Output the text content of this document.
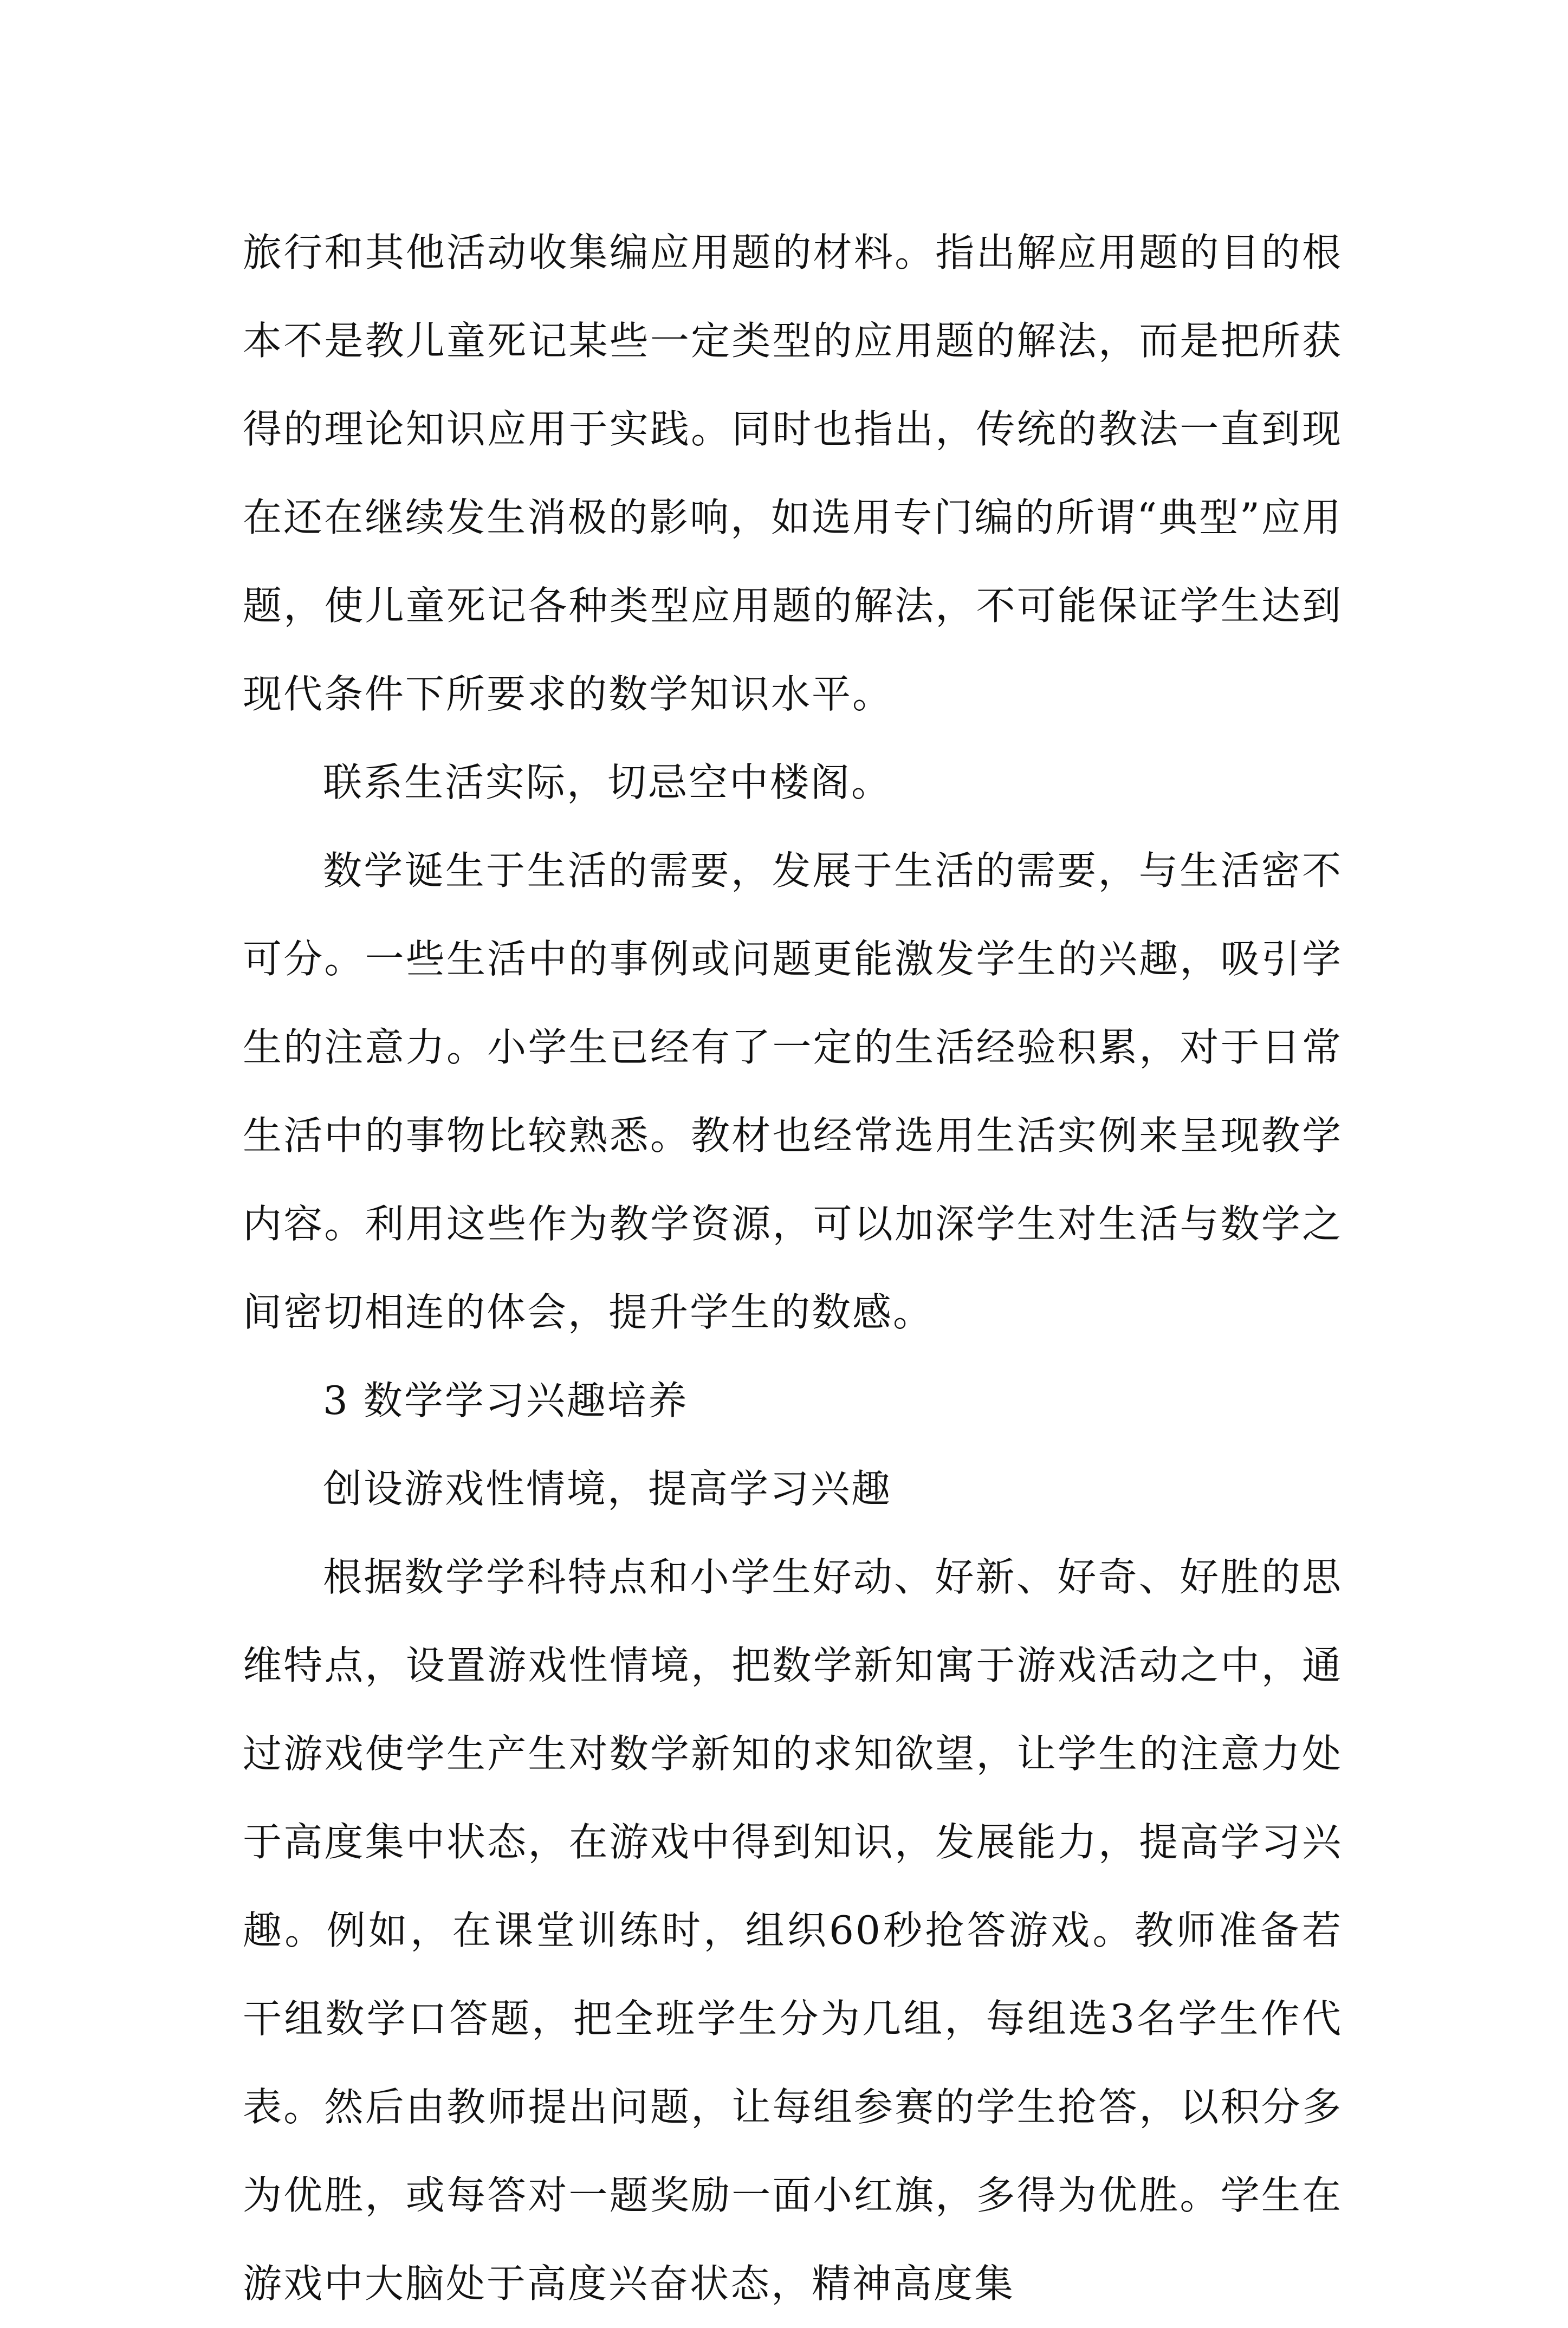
旅行和其他活动收集编应用题的材料。指出解应用题的目的根本不是教儿童死记某些一定类型的应用题的解法，而是把所获得的理论知识应用于实践。同时也指出，传统的教法一直到现在还在继续发生消极的影响，如选用专门编的所谓“典型”应用题，使儿童死记各种类型应用题的解法，不可能保证学生达到现代条件下所要求的数学知识水平。

联系生活实际，切忌空中楼阁。

数学诞生于生活的需要，发展于生活的需要，与生活密不可分。一些生活中的事例或问题更能激发学生的兴趣，吸引学生的注意力。小学生已经有了一定的生活经验积累，对于日常生活中的事物比较熟悉。教材也经常选用生活实例来呈现教学内容。利用这些作为教学资源，可以加深学生对生活与数学之间密切相连的体会，提升学生的数感。

3 数学学习兴趣培养

创设游戏性情境，提高学习兴趣

根据数学学科特点和小学生好动、好新、好奇、好胜的思维特点，设置游戏性情境，把数学新知寓于游戏活动之中，通过游戏使学生产生对数学新知的求知欲望，让学生的注意力处于高度集中状态，在游戏中得到知识，发展能力，提高学习兴趣。例如，在课堂训练时，组织60秒抢答游戏。教师准备若干组数学口答题，把全班学生分为几组，每组选3名学生作代表。然后由教师提出问题，让每组参赛的学生抢答，以积分多为优胜，或每答对一题奖励一面小红旗，多得为优胜。学生在游戏中大脑处于高度兴奋状态，精神高度集
